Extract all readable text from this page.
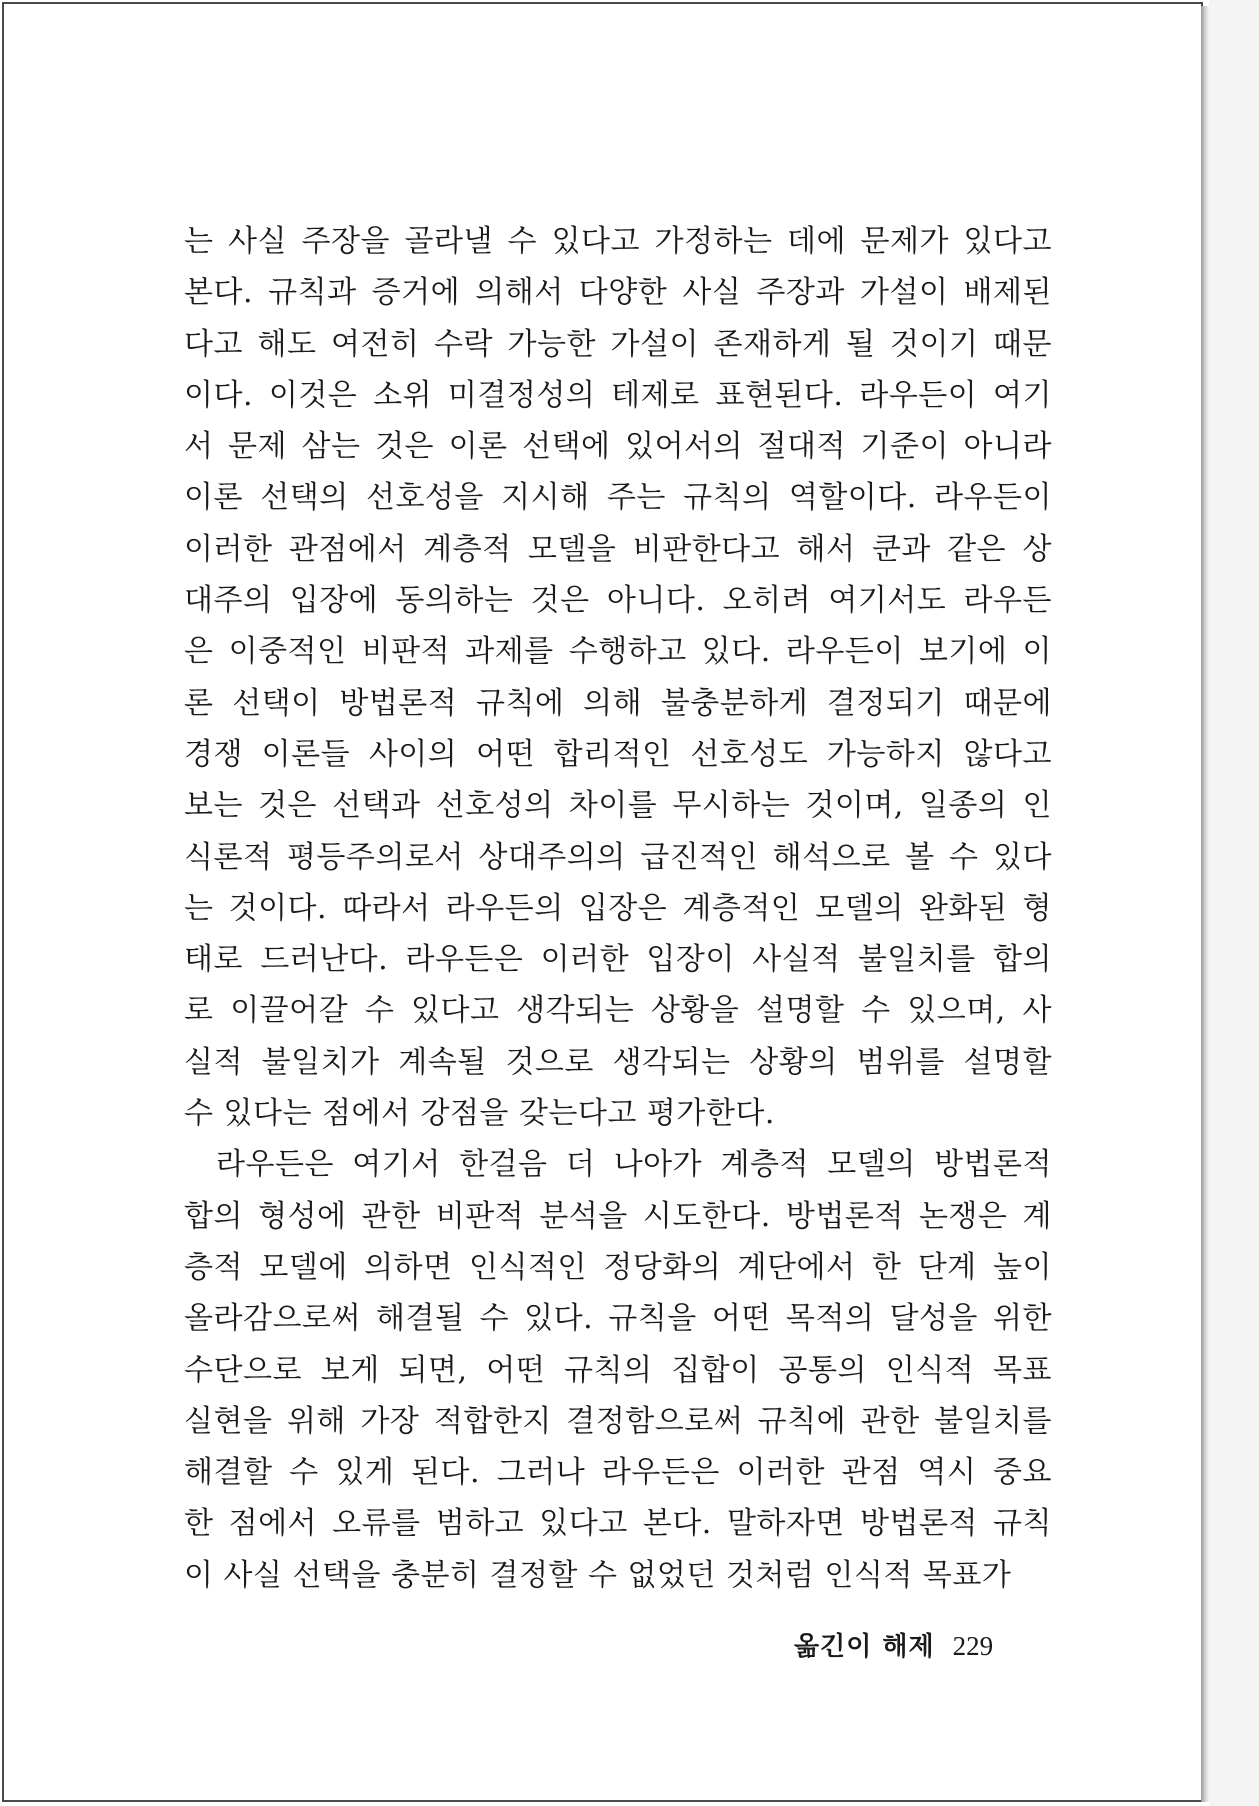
는 사실 주장을 골라낼 수 있다고 가정하는 데에 문제가 있다고
본다. 규칙과 증거에 의해서 다양한 사실 주장과 가설이 배제된
다고 해도 여전히 수락 가능한 가설이 존재하게 될 것이기 때문
이다. 이것은 소위 미결정성의 테제로 표현된다. 라우든이 여기
서 문제 삼는 것은 이론 선택에 있어서의 절대적 기준이 아니라
이론 선택의 선호성을 지시해 주는 규칙의 역할이다. 라우든이
이러한 관점에서 계층적 모델을 비판한다고 해서 쿤과 같은 상
대주의 입장에 동의하는 것은 아니다. 오히려 여기서도 라우든
은 이중적인 비판적 과제를 수행하고 있다. 라우든이 보기에 이
론 선택이 방법론적 규칙에 의해 불충분하게 결정되기 때문에
경쟁 이론들 사이의 어떤 합리적인 선호성도 가능하지 않다고
보는 것은 선택과 선호성의 차이를 무시하는 것이며, 일종의 인
식론적 평등주의로서 상대주의의 급진적인 해석으로 볼 수 있다
는 것이다. 따라서 라우든의 입장은 계층적인 모델의 완화된 형
태로 드러난다. 라우든은 이러한 입장이 사실적 불일치를 합의
로 이끌어갈 수 있다고 생각되는 상황을 설명할 수 있으며, 사
실적 불일치가 계속될 것으로 생각되는 상황의 범위를 설명할
수 있다는 점에서 강점을 갖는다고 평가한다.
라우든은 여기서 한걸음 더 나아가 계층적 모델의 방법론적
합의 형성에 관한 비판적 분석을 시도한다. 방법론적 논쟁은 계
층적 모델에 의하면 인식적인 정당화의 계단에서 한 단계 높이
올라감으로써 해결될 수 있다. 규칙을 어떤 목적의 달성을 위한
수단으로 보게 되면, 어떤 규칙의 집합이 공통의 인식적 목표
실현을 위해 가장 적합한지 결정함으로써 규칙에 관한 불일치를
해결할 수 있게 된다. 그러나 라우든은 이러한 관점 역시 중요
한 점에서 오류를 범하고 있다고 본다. 말하자면 방법론적 규칙
이 사실 선택을 충분히 결정할 수 없었던 것처럼 인식적 목표가
옮긴이 해제 229
